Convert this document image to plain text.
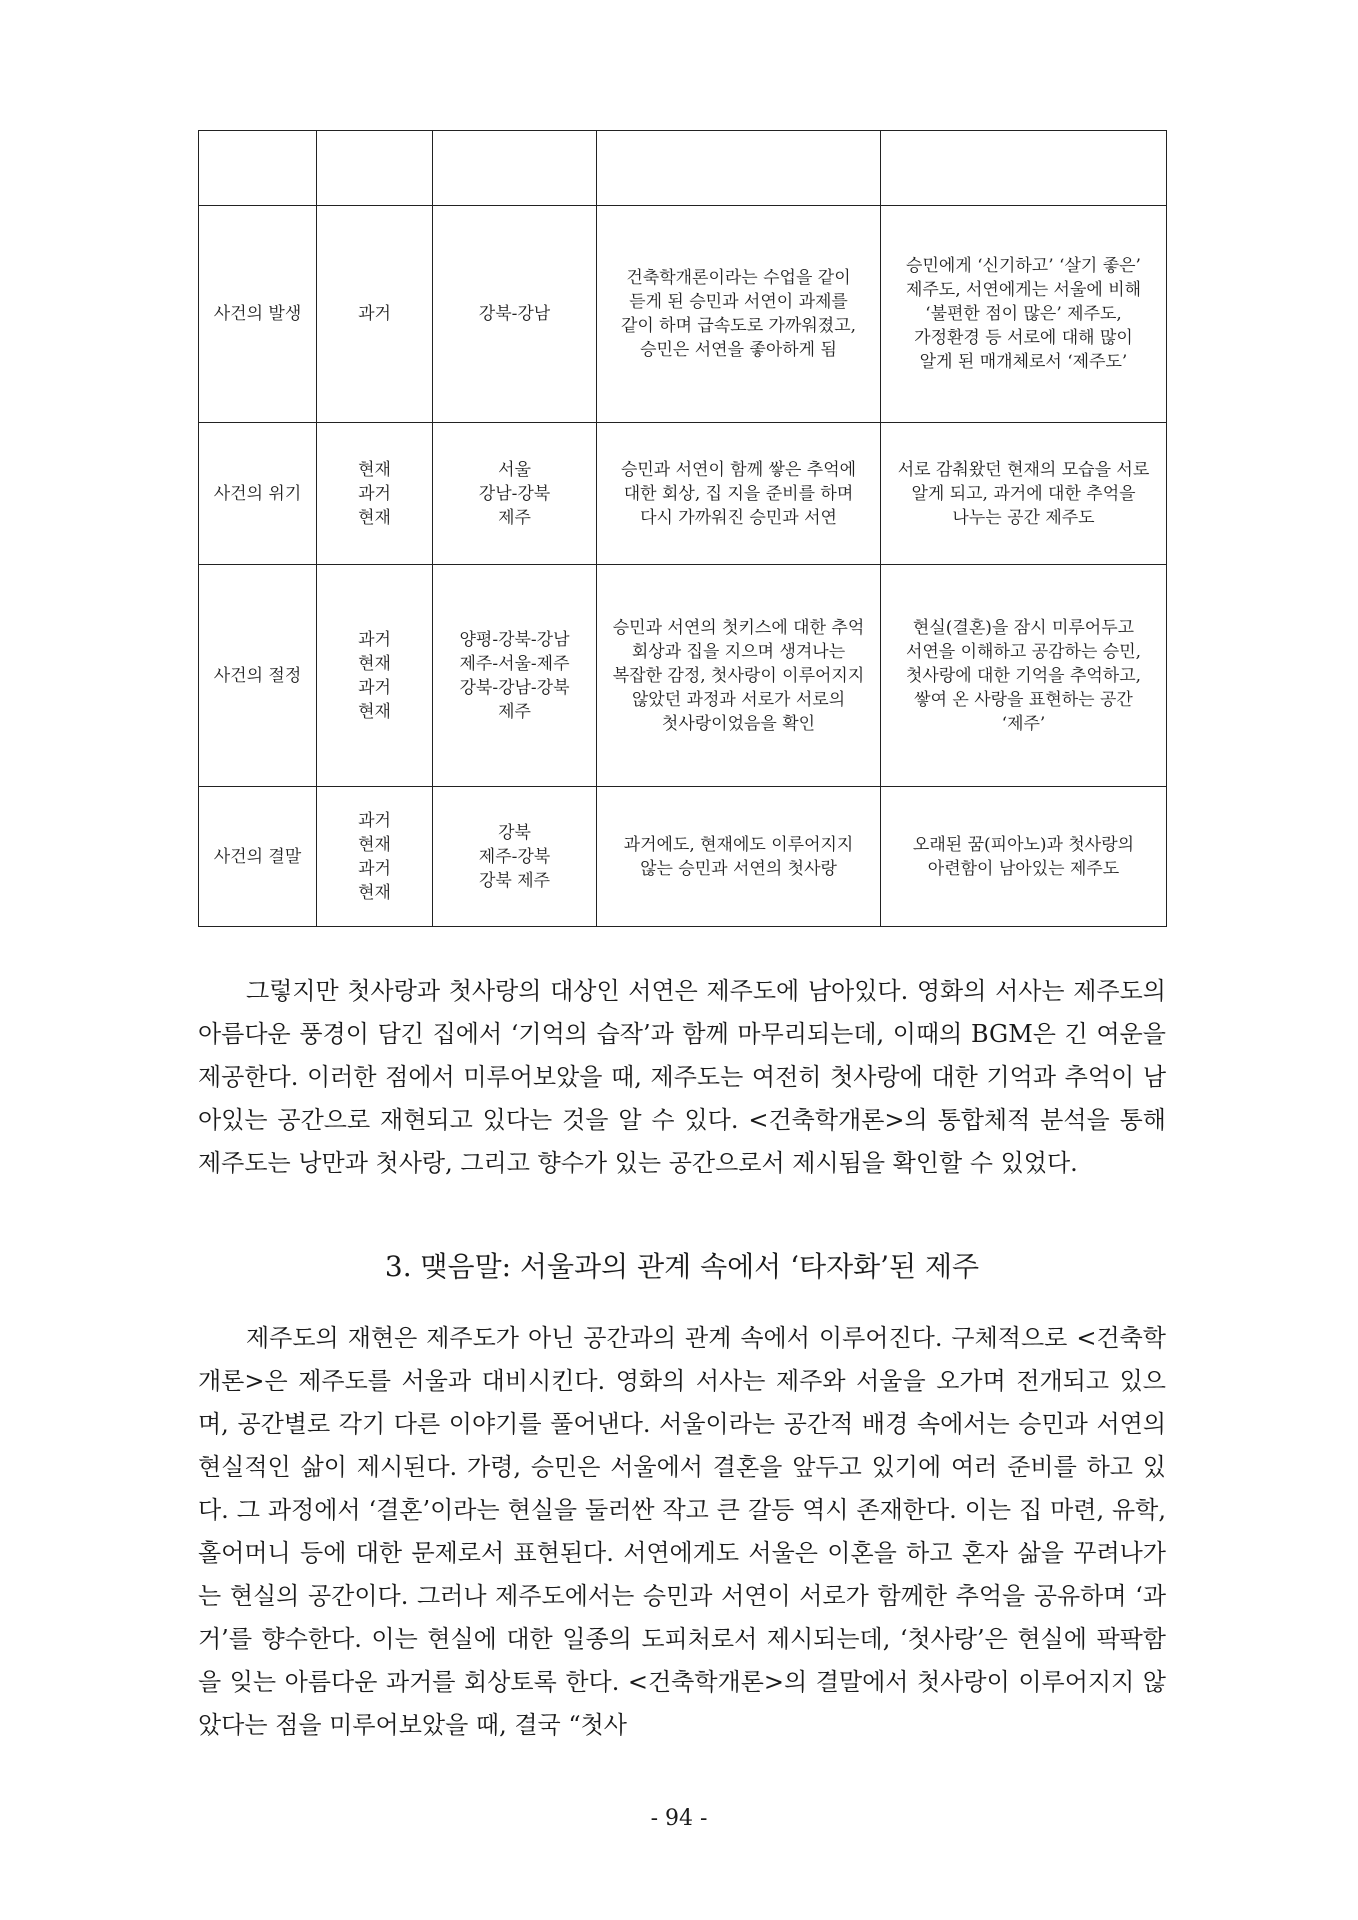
사건의 발생	과거	강북-강남	건축학개론이라는 수업을 같이
듣게 된 승민과 서연이 과제를
같이 하며 급속도로 가까워졌고,
승민은 서연을 좋아하게 됨	승민에게 ‘신기하고’ ‘살기 좋은’
제주도, 서연에게는 서울에 비해
‘불편한 점이 많은’ 제주도,
가정환경 등 서로에 대해 많이
알게 된 매개체로서 ‘제주도’

사건의 위기	현재
과거
현재	서울
강남-강북
제주	승민과 서연이 함께 쌓은 추억에
대한 회상, 집 지을 준비를 하며
다시 가까워진 승민과 서연	서로 감춰왔던 현재의 모습을 서로
알게 되고, 과거에 대한 추억을
나누는 공간 제주도

사건의 절정	과거
현재
과거
현재	양평-강북-강남
제주-서울-제주
강북-강남-강북
제주	승민과 서연의 첫키스에 대한 추억
회상과 집을 지으며 생겨나는
복잡한 감정, 첫사랑이 이루어지지
않았던 과정과 서로가 서로의
첫사랑이었음을 확인	현실(결혼)을 잠시 미루어두고
서연을 이해하고 공감하는 승민,
첫사랑에 대한 기억을 추억하고,
쌓여 온 사랑을 표현하는 공간
‘제주’

사건의 결말	과거
현재
과거
현재	강북
제주-강북
강북 제주	과거에도, 현재에도 이루어지지
않는 승민과 서연의 첫사랑	오래된 꿈(피아노)과 첫사랑의
아련함이 남아있는 제주도

그렇지만 첫사랑과 첫사랑의 대상인 서연은 제주도에 남아있다. 영화의 서사는 제주도의 아름다운 풍경이 담긴 집에서 ‘기억의 습작’과 함께 마무리되는데, 이때의 BGM은 긴 여운을 제공한다. 이러한 점에서 미루어보았을 때, 제주도는 여전히 첫사랑에 대한 기억과 추억이 남아있는 공간으로 재현되고 있다는 것을 알 수 있다. <건축학개론>의 통합체적 분석을 통해 제주도는 낭만과 첫사랑, 그리고 향수가 있는 공간으로서 제시됨을 확인할 수 있었다.

3. 맺음말: 서울과의 관계 속에서 ‘타자화’된 제주

제주도의 재현은 제주도가 아닌 공간과의 관계 속에서 이루어진다. 구체적으로 <건축학개론>은 제주도를 서울과 대비시킨다. 영화의 서사는 제주와 서울을 오가며 전개되고 있으며, 공간별로 각기 다른 이야기를 풀어낸다. 서울이라는 공간적 배경 속에서는 승민과 서연의 현실적인 삶이 제시된다. 가령, 승민은 서울에서 결혼을 앞두고 있기에 여러 준비를 하고 있다. 그 과정에서 ‘결혼’이라는 현실을 둘러싼 작고 큰 갈등 역시 존재한다. 이는 집 마련, 유학, 홀어머니 등에 대한 문제로서 표현된다. 서연에게도 서울은 이혼을 하고 혼자 삶을 꾸려나가는 현실의 공간이다. 그러나 제주도에서는 승민과 서연이 서로가 함께한 추억을 공유하며 ‘과거’를 향수한다. 이는 현실에 대한 일종의 도피처로서 제시되는데, ‘첫사랑’은 현실에 팍팍함을 잊는 아름다운 과거를 회상토록 한다. <건축학개론>의 결말에서 첫사랑이 이루어지지 않았다는 점을 미루어보았을 때, 결국 “첫사

- 94 -
